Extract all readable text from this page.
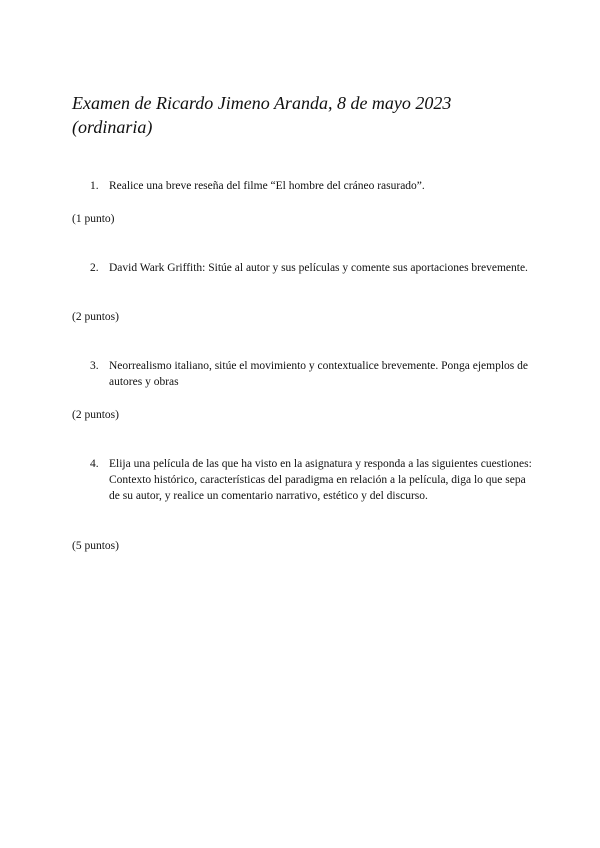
Examen de Ricardo Jimeno Aranda, 8 de mayo 2023 (ordinaria)
1. Realice una breve reseña del filme “El hombre del cráneo rasurado”.
(1 punto)
2. David Wark Griffith: Sitúe al autor y sus películas y comente sus aportaciones brevemente.
(2 puntos)
3. Neorrealismo italiano, sitúe el movimiento y contextualice brevemente. Ponga ejemplos de autores y obras
(2 puntos)
4. Elija una película de las que ha visto en la asignatura y responda a las siguientes cuestiones: Contexto histórico, características del paradigma en relación a la película, diga lo que sepa de su autor, y realice un comentario narrativo, estético y del discurso.
(5 puntos)
